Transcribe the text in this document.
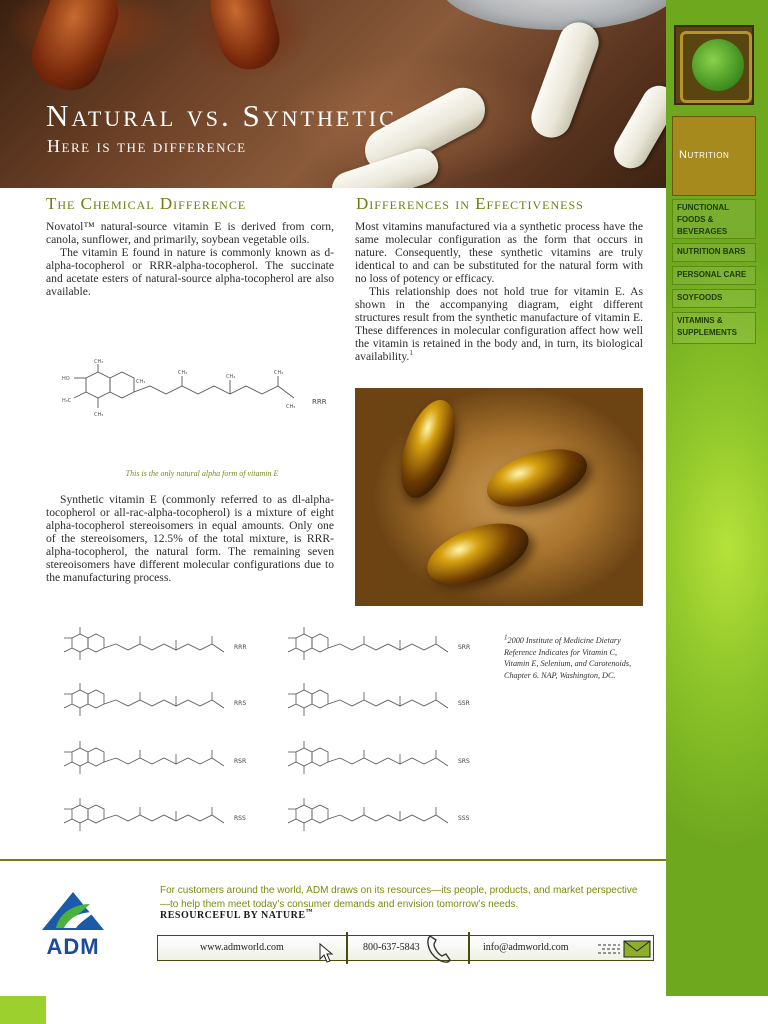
Natural vs. Synthetic
Here is the difference	Nutrition
FUNCTIONAL FOODS & BEVERAGES
NUTRITION BARS
PERSONAL CARE
SOYFOODS
VITAMINS & SUPPLEMENTS
The Chemical Difference

Novatol™ natural-source vitamin E is derived from corn, canola, sunflower, and primarily, soybean vegetable oils.

The vitamin E found in nature is commonly known as d-alpha-tocopherol or RRR-alpha-tocopherol. The succinate and acetate esters of natural-source alpha-tocopherol are also available.

CH₃
HO
H₃C
CH₃
CH₃
CH₃
CH₃
CH₃
CH₃
RRR
This is the only natural alpha form of vitamin E

Synthetic vitamin E (commonly referred to as dl-alpha-tocopherol or all-rac-alpha-tocopherol) is a mixture of eight alpha-tocopherol stereoisomers in equal amounts. Only one of the stereoisomers, 12.5% of the total mixture, is RRR-alpha-tocopherol, the natural form. The remaining seven stereoisomers have different molecular configurations due to the manufacturing process.

Differences in Effectiveness

Most vitamins manufactured via a synthetic process have the same molecular configuration as the form that occurs in nature. Consequently, these synthetic vitamins are truly identical to and can be substituted for the natural form with no loss of potency or efficacy.

This relationship does not hold true for vitamin E. As shown in the accompanying diagram, eight different structures result from the synthetic manufacture of vitamin E. These differences in molecular configuration affect how well the vitamin is retained in the body and, in turn, its biological availability.$^1$

RRR	SRR
RRS	SSR
RSR	SRS
RSS	SSS
$^1$2000 Institute of Medicine Dietary Reference Indicates for Vitamin C, Vitamin E, Selenium, and Carotenoids, Chapter 6. NAP, Washington, DC.
ADM
For customers around the world, ADM draws on its resources—its people, products, and market perspective—to help them meet today’s consumer demands and envision tomorrow’s needs.
RESOURCEFUL BY NATURE™
www.admworld.com	800-637-5843	info@admworld.com
